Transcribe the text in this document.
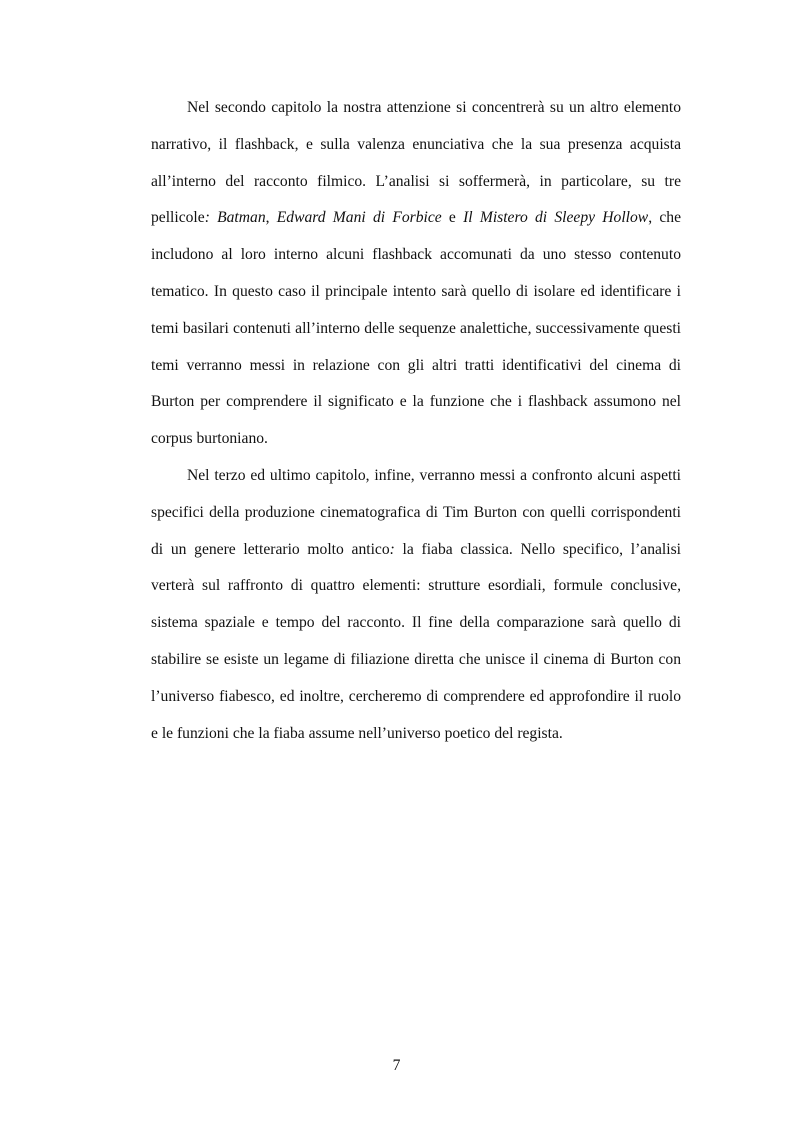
Nel secondo capitolo la nostra attenzione si concentrerà su un altro elemento narrativo, il flashback, e sulla valenza enunciativa che la sua presenza acquista all’interno del racconto filmico. L’analisi si soffermerà, in particolare, su tre pellicole: Batman, Edward Mani di Forbice e Il Mistero di Sleepy Hollow, che includono al loro interno alcuni flashback accomunati da uno stesso contenuto tematico. In questo caso il principale intento sarà quello di isolare ed identificare i temi basilari contenuti all’interno delle sequenze analettiche, successivamente questi temi verranno messi in relazione con gli altri tratti identificativi del cinema di Burton per comprendere il significato e la funzione che i flashback assumono nel corpus burtoniano.

Nel terzo ed ultimo capitolo, infine, verranno messi a confronto alcuni aspetti specifici della produzione cinematografica di Tim Burton con quelli corrispondenti di un genere letterario molto antico: la fiaba classica. Nello specifico, l’analisi verterà sul raffronto di quattro elementi: strutture esordiali, formule conclusive, sistema spaziale e tempo del racconto. Il fine della comparazione sarà quello di stabilire se esiste un legame di filiazione diretta che unisce il cinema di Burton con l’universo fiabesco, ed inoltre, cercheremo di comprendere ed approfondire il ruolo e le funzioni che la fiaba assume nell’universo poetico del regista.

7
